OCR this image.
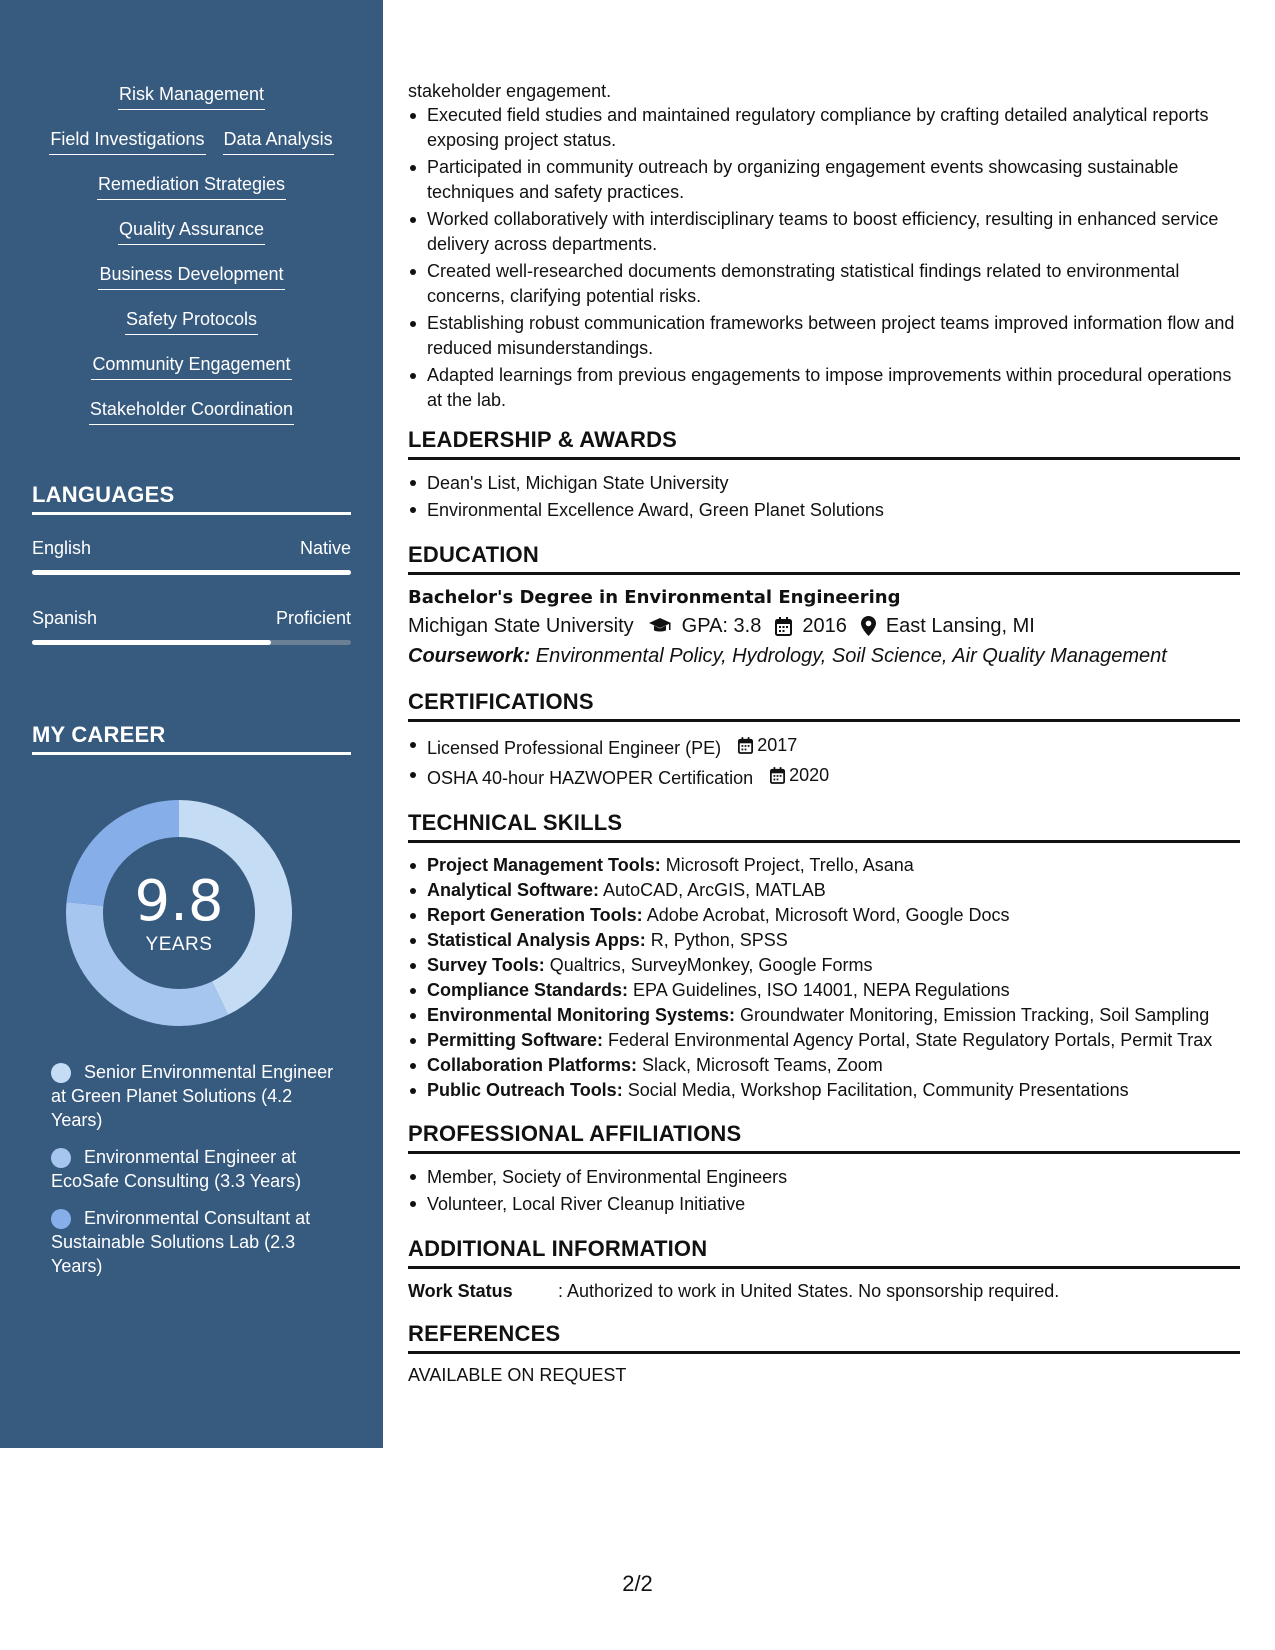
Risk Management
Field Investigations Data Analysis
Remediation Strategies
Quality Assurance
Business Development
Safety Protocols
Community Engagement
Stakeholder Coordination
LANGUAGES
English	Native
Spanish	Proficient
MY CAREER
9.8
YEARS
Senior Environmental Engineer at Green Planet Solutions (4.2 Years)
Environmental Engineer at EcoSafe Consulting (3.3 Years)
Environmental Consultant at Sustainable Solutions Lab (2.3 Years)
stakeholder engagement.
Executed field studies and maintained regulatory compliance by crafting detailed analytical reports exposing project status.
Participated in community outreach by organizing engagement events showcasing sustainable techniques and safety practices.
Worked collaboratively with interdisciplinary teams to boost efficiency, resulting in enhanced service delivery across departments.
Created well-researched documents demonstrating statistical findings related to environmental concerns, clarifying potential risks.
Establishing robust communication frameworks between project teams improved information flow and reduced misunderstandings.
Adapted learnings from previous engagements to impose improvements within procedural operations at the lab.
LEADERSHIP & AWARDS
Dean's List, Michigan State University
Environmental Excellence Award, Green Planet Solutions
EDUCATION
Bachelor's Degree in Environmental Engineering
Michigan State University GPA: 3.8 2016 East Lansing, MI
Coursework: Environmental Policy, Hydrology, Soil Science, Air Quality Management
CERTIFICATIONS
Licensed Professional Engineer (PE) 2017
OSHA 40-hour HAZWOPER Certification 2020
TECHNICAL SKILLS
Project Management Tools: Microsoft Project, Trello, Asana
Analytical Software: AutoCAD, ArcGIS, MATLAB
Report Generation Tools: Adobe Acrobat, Microsoft Word, Google Docs
Statistical Analysis Apps: R, Python, SPSS
Survey Tools: Qualtrics, SurveyMonkey, Google Forms
Compliance Standards: EPA Guidelines, ISO 14001, NEPA Regulations
Environmental Monitoring Systems: Groundwater Monitoring, Emission Tracking, Soil Sampling
Permitting Software: Federal Environmental Agency Portal, State Regulatory Portals, Permit Trax
Collaboration Platforms: Slack, Microsoft Teams, Zoom
Public Outreach Tools: Social Media, Workshop Facilitation, Community Presentations
PROFESSIONAL AFFILIATIONS
Member, Society of Environmental Engineers
Volunteer, Local River Cleanup Initiative
ADDITIONAL INFORMATION
Work Status	: Authorized to work in United States. No sponsorship required.
REFERENCES
AVAILABLE ON REQUEST
2/2
